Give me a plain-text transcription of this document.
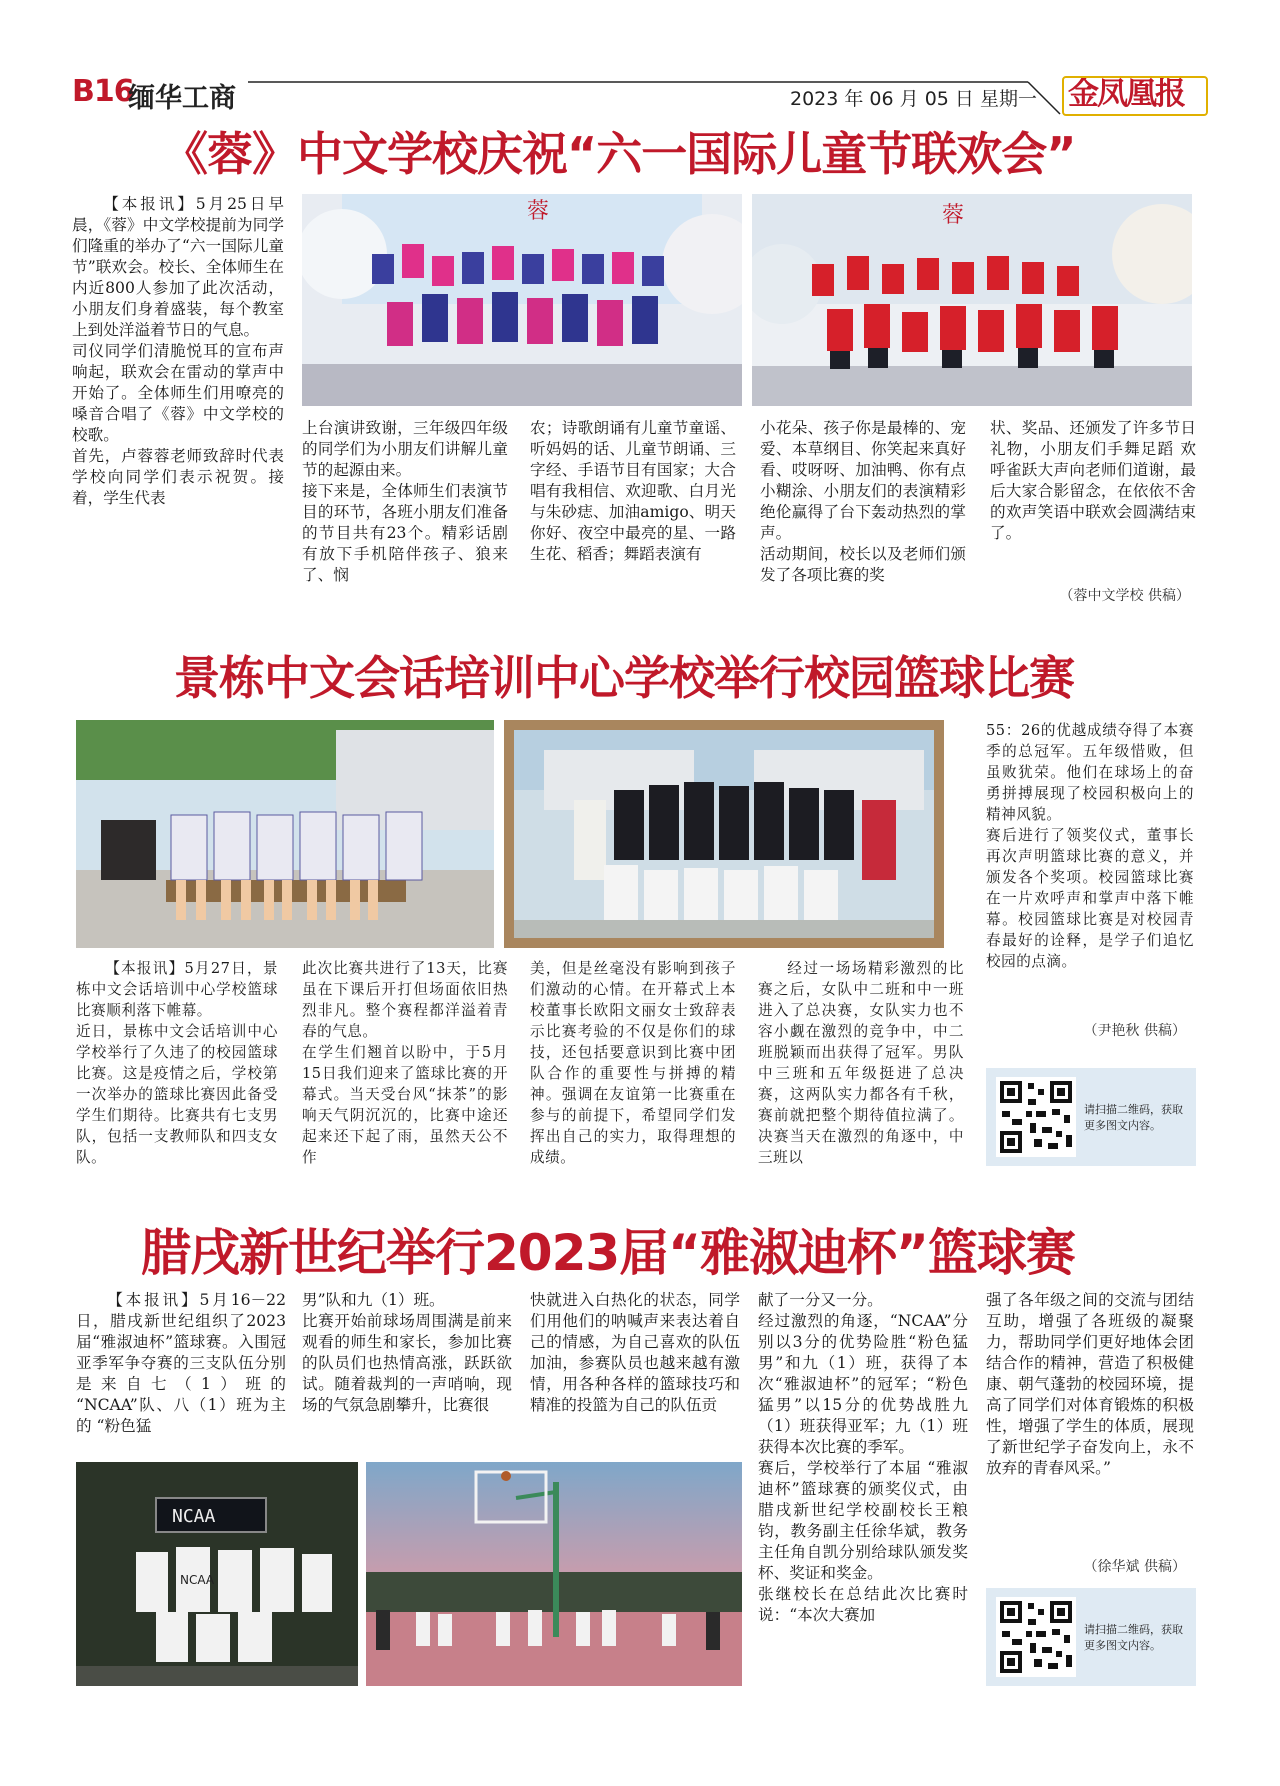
B16
缅华工商	2023 年 06 月 05 日 星期一 金凤凰报
《蓉》中文学校庆祝“六一国际儿童节联欢会”

【本报讯】5月25日早晨，《蓉》中文学校提前为同学们隆重的举办了“六一国际儿童节”联欢会。校长、全体师生在内近800人参加了此次活动，小朋友们身着盛装，每个教室上到处洋溢着节日的气息。
司仪同学们清脆悦耳的宣布声响起，联欢会在雷动的掌声中开始了。全体师生们用嘹亮的嗓音合唱了《蓉》中文学校的校歌。
首先，卢蓉蓉老师致辞时代表学校向同学们表示祝贺。接着，学生代表

蓉	蓉

上台演讲致谢，三年级四年级的同学们为小朋友们讲解儿童节的起源由来。
接下来是，全体师生们表演节目的环节，各班小朋友们准备的节目共有23个。精彩话剧有放下手机陪伴孩子、狼来了、悯

农；诗歌朗诵有儿童节童谣、听妈妈的话、儿童节朗诵、三字经、手语节目有国家；大合唱有我相信、欢迎歌、白月光与朱砂痣、加油amigo、明天你好、夜空中最亮的星、一路生花、稻香；舞蹈表演有

小花朵、孩子你是最棒的、宠爱、本草纲目、你笑起来真好看、哎呀呀、加油鸭、你有点小糊涂、小朋友们的表演精彩绝伦赢得了台下轰动热烈的掌声。
活动期间，校长以及老师们颁发了各项比赛的奖

状、奖品、还颁发了许多节日礼物，小朋友们手舞足蹈 欢呼雀跃大声向老师们道谢，最后大家合影留念，在依依不舍的欢声笑语中联欢会圆满结束了。

（蓉中文学校 供稿）
景栋中文会话培训中心学校举行校园篮球比赛

55：26的优越成绩夺得了本赛季的总冠军。五年级惜败，但虽败犹荣。他们在球场上的奋勇拼搏展现了校园积极向上的精神风貌。
赛后进行了领奖仪式，董事长再次声明篮球比赛的意义，并颁发各个奖项。校园篮球比赛在一片欢呼声和掌声中落下帷幕。校园篮球比赛是对校园青春最好的诠释，是学子们追忆校园的点滴。

（尹艳秋 供稿）

【本报讯】5月27日，景栋中文会话培训中心学校篮球比赛顺利落下帷幕。
近日，景栋中文会话培训中心学校举行了久违了的校园篮球比赛。这是疫情之后，学校第一次举办的篮球比赛因此备受学生们期待。比赛共有七支男队，包括一支教师队和四支女队。

此次比赛共进行了13天，比赛虽在下课后开打但场面依旧热烈非凡。整个赛程都洋溢着青春的气息。
在学生们翘首以盼中，于5月15日我们迎来了篮球比赛的开幕式。当天受台风“抹茶”的影响天气阴沉沉的，比赛中途还起来还下起了雨，虽然天公不作

美，但是丝毫没有影响到孩子们激动的心情。在开幕式上本校董事长欧阳文丽女士致辞表示比赛考验的不仅是你们的球技，还包括要意识到比赛中团队合作的重要性与拼搏的精神。强调在友谊第一比赛重在参与的前提下，希望同学们发挥出自己的实力，取得理想的成绩。

经过一场场精彩激烈的比赛之后，女队中二班和中一班进入了总决赛，女队实力也不容小觑在激烈的竞争中，中二班脱颖而出获得了冠军。男队中三班和五年级挺进了总决赛，这两队实力都各有千秋，赛前就把整个期待值拉满了。决赛当天在激烈的角逐中，中三班以

请扫描二维码，获取更多图文内容。
腊戌新世纪举行2023届“雅淑迪杯”篮球赛

【本报讯】5月16－22日，腊戌新世纪组织了2023届“雅淑迪杯”篮球赛。入围冠亚季军争夺赛的三支队伍分别是来自七（1）班的 “NCAA”队、八（1）班为主的 “粉色猛

男”队和九（1）班。
比赛开始前球场周围满是前来观看的师生和家长，参加比赛的队员们也热情高涨，跃跃欲试。随着裁判的一声哨响，现场的气氛急剧攀升，比赛很

快就进入白热化的状态，同学们用他们的呐喊声来表达着自己的情感，为自己喜欢的队伍加油，参赛队员也越来越有激情，用各种各样的篮球技巧和精准的投篮为自己的队伍贡

献了一分又一分。
经过激烈的角逐，“NCAA”分别以3分的优势险胜“粉色猛男”和九（1）班，获得了本次“雅淑迪杯”的冠军；“粉色猛男”以15分的优势战胜九（1）班获得亚军；九（1）班获得本次比赛的季军。
赛后，学校举行了本届 “雅淑迪杯”篮球赛的颁奖仪式，由腊戌新世纪学校副校长王粮钧，教务副主任徐华斌，教务主任角自凯分别给球队颁发奖杯、奖证和奖金。
张继校长在总结此次比赛时说：“本次大赛加

强了各年级之间的交流与团结互助，增强了各班级的凝聚力，帮助同学们更好地体会团结合作的精神，营造了积极健康、朝气蓬勃的校园环境，提高了同学们对体育锻炼的积极性，增强了学生的体质，展现了新世纪学子奋发向上，永不放弃的青春风采。”

（徐华斌 供稿）
NCAA
NCAA
请扫描二维码，获取更多图文内容。
